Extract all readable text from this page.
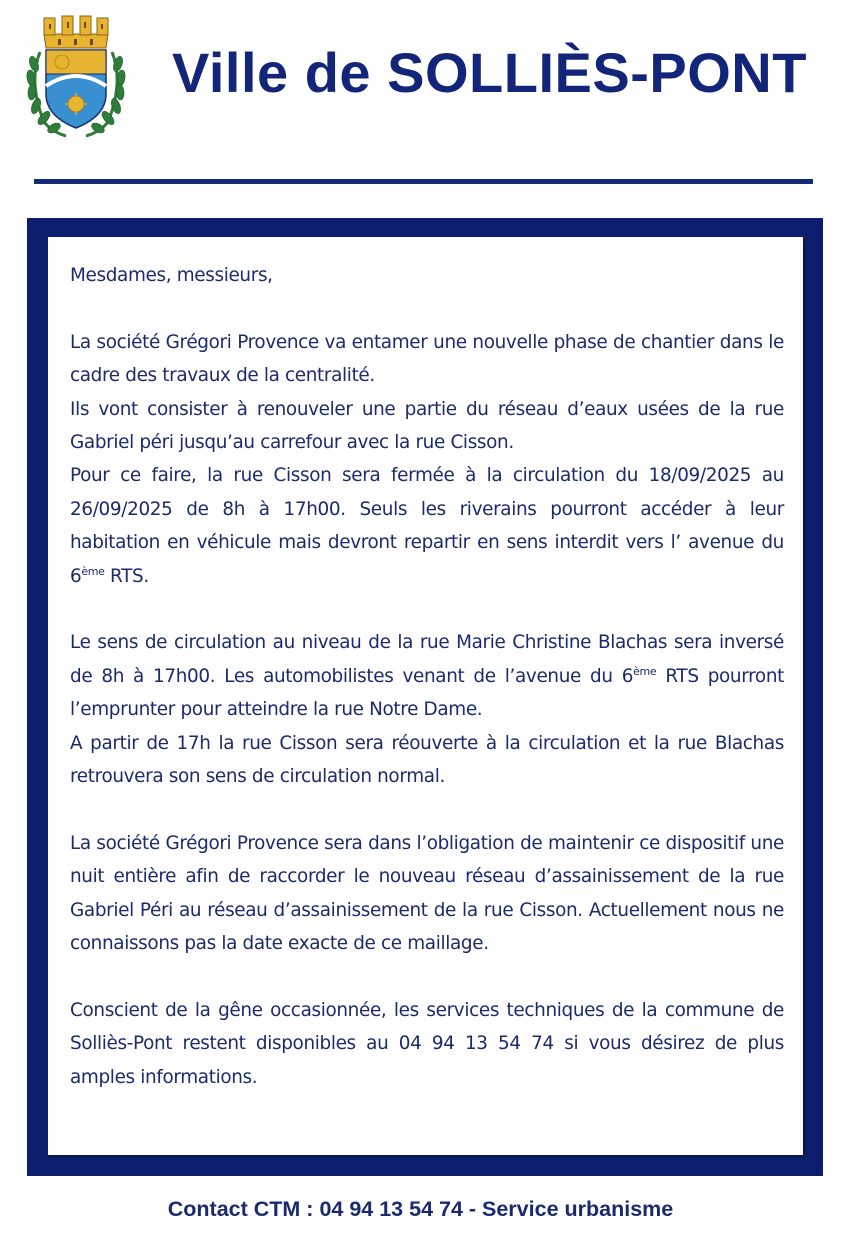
Ville de SOLLIÈS-PONT

Mesdames, messieurs,

La société Grégori Provence va entamer une nouvelle phase de chantier dans le cadre des travaux de la centralité.

Ils vont consister à renouveler une partie du réseau d’eaux usées de la rue Gabriel péri jusqu’au carrefour avec la rue Cisson.

Pour ce faire, la rue Cisson sera fermée à la circulation du 18/09/2025 au 26/09/2025 de 8h à 17h00. Seuls les riverains pourront accéder à leur habitation en véhicule mais devront repartir en sens interdit vers l’ avenue du 6ème RTS.

Le sens de circulation au niveau de la rue Marie Christine Blachas sera inversé de 8h à 17h00. Les automobilistes venant de l’avenue du 6ème RTS pourront l’emprunter pour atteindre la rue Notre Dame.

A partir de 17h la rue Cisson sera réouverte à la circulation et la rue Blachas retrouvera son sens de circulation normal.

La société Grégori Provence sera dans l’obligation de maintenir ce dispositif une nuit entière afin de raccorder le nouveau réseau d’assainissement de la rue Gabriel Péri au réseau d’assainissement de la rue Cisson. Actuellement nous ne connaissons pas la date exacte de ce maillage.

Conscient de la gêne occasionnée, les services techniques de la commune de Solliès-Pont restent disponibles au 04 94 13 54 74 si vous désirez de plus amples informations.

Contact CTM : 04 94 13 54 74 - Service urbanisme
